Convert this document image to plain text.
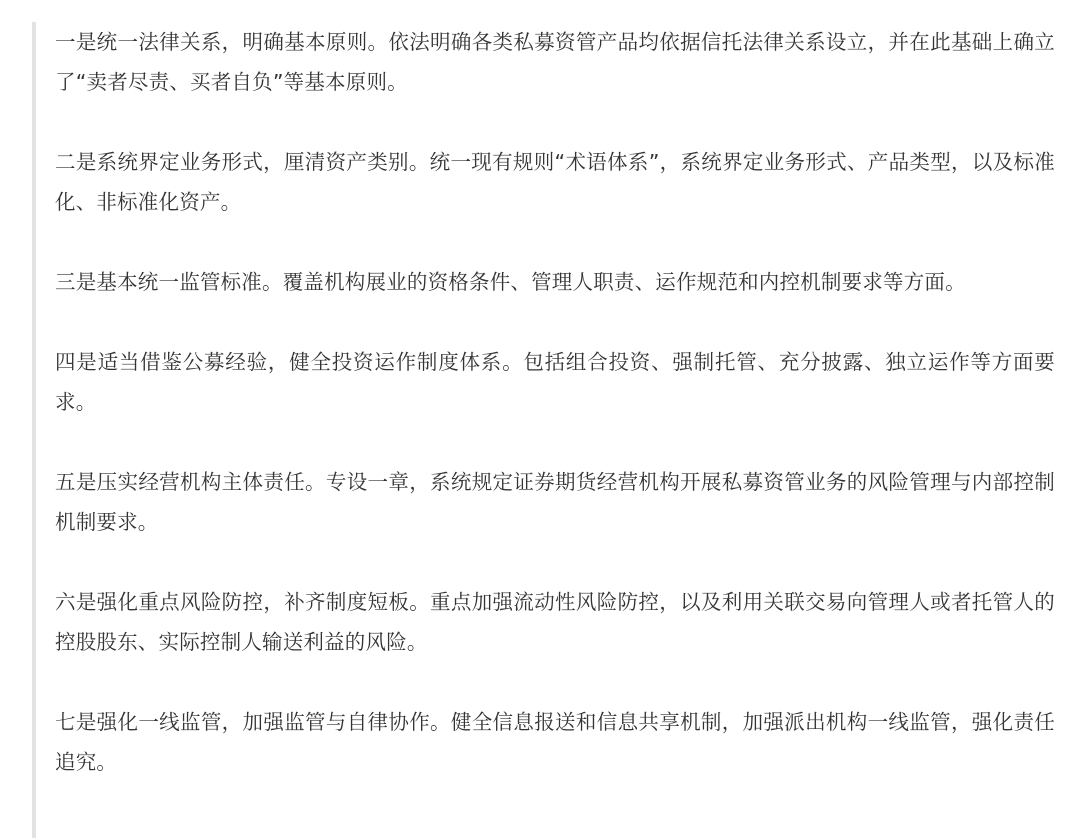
一是统一法律关系，明确基本原则。依法明确各类私募资管产品均依据信托法律关系设立，并在此基础上确立了“卖者尽责、买者自负”等基本原则。

二是系统界定业务形式，厘清资产类别。统一现有规则“术语体系”，系统界定业务形式、产品类型，以及标准化、非标准化资产。

三是基本统一监管标准。覆盖机构展业的资格条件、管理人职责、运作规范和内控机制要求等方面。

四是适当借鉴公募经验，健全投资运作制度体系。包括组合投资、强制托管、充分披露、独立运作等方面要求。

五是压实经营机构主体责任。专设一章，系统规定证券期货经营机构开展私募资管业务的风险管理与内部控制机制要求。

六是强化重点风险防控，补齐制度短板。重点加强流动性风险防控，以及利用关联交易向管理人或者托管人的控股股东、实际控制人输送利益的风险。

七是强化一线监管，加强监管与自律协作。健全信息报送和信息共享机制，加强派出机构一线监管，强化责任追究。
